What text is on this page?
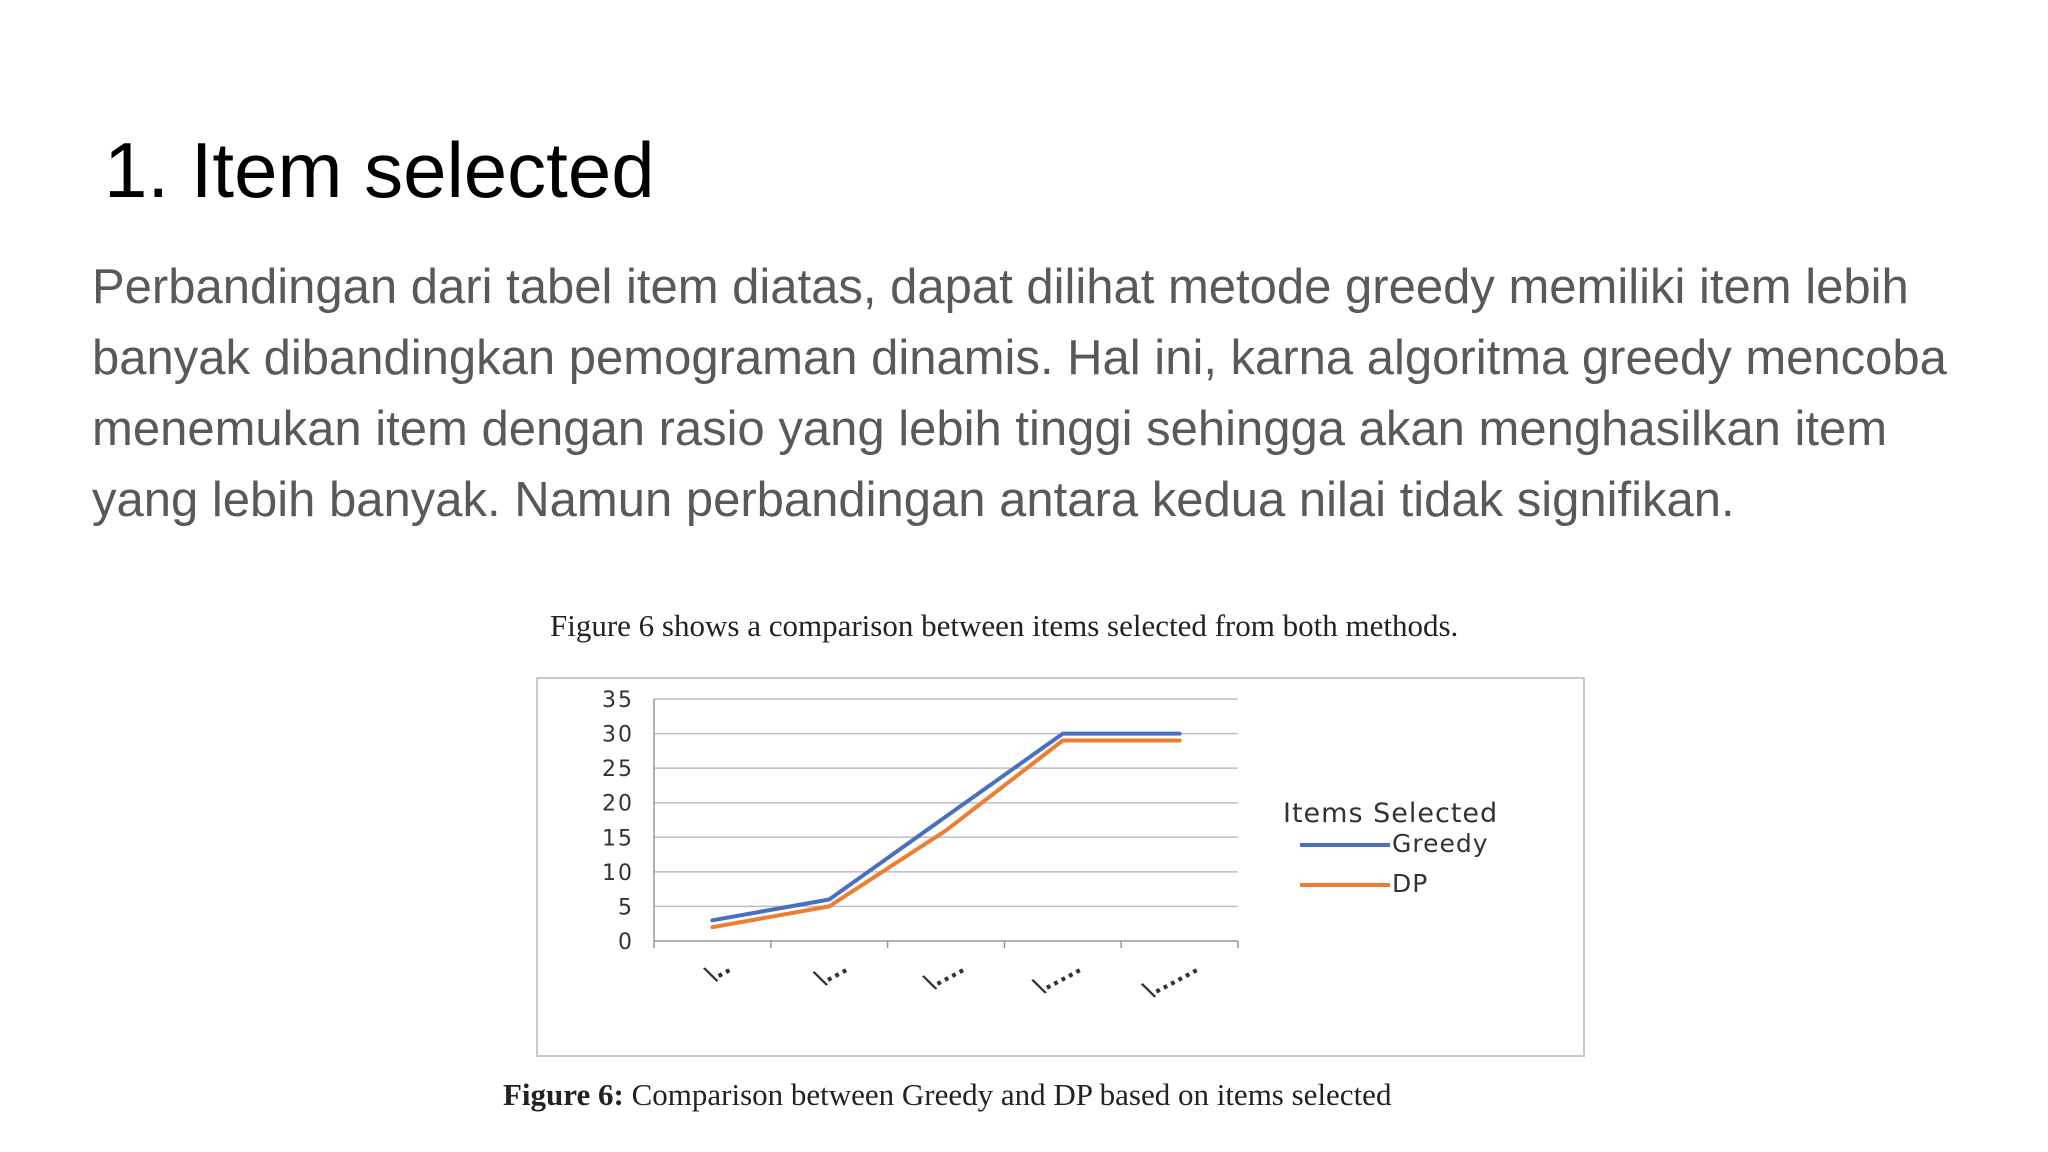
1. Item selected

Perbandingan dari tabel item diatas, dapat dilihat metode greedy memiliki item lebih banyak dibandingkan pemograman dinamis. Hal ini, karna algoritma greedy mencoba menemukan item dengan rasio yang lebih tinggi sehingga akan menghasilkan item yang lebih banyak. Namun perbandingan antara kedua nilai tidak signifikan.

Figure 6 shows a comparison between items selected from both methods.

0
5
10
15
20
25
30
35
\..	\...	\....	\..... \......
Items Selected
Greedy
DP

Figure 6: Comparison between Greedy and DP based on items selected
